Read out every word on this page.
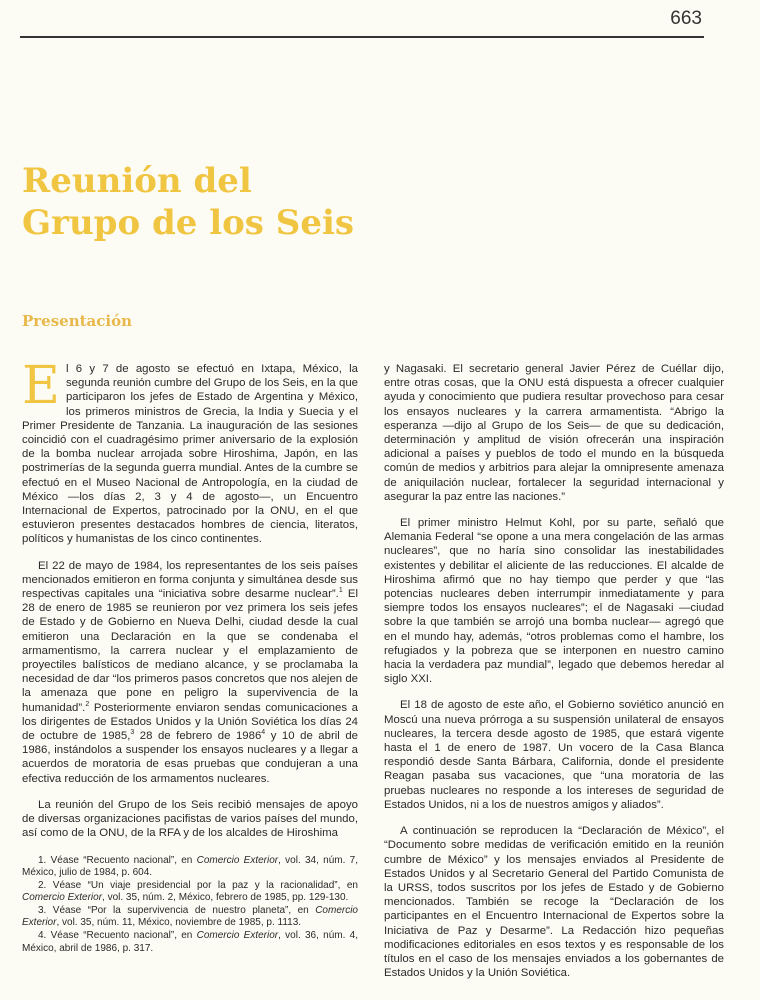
663
Reunión del
Grupo de los Seis
Presentación

El 6 y 7 de agosto se efectuó en Ixtapa, México, la segunda reunión cumbre del Grupo de los Seis, en la que participaron los jefes de Estado de Argentina y México, los primeros ministros de Grecia, la India y Suecia y el Primer Presidente de Tanzania. La inauguración de las sesiones coincidió con el cuadragésimo primer aniversario de la explosión de la bomba nuclear arrojada sobre Hiroshima, Japón, en las postrimerías de la segunda guerra mundial. Antes de la cumbre se efectuó en el Museo Nacional de Antropología, en la ciudad de México —los días 2, 3 y 4 de agosto—, un Encuentro Internacional de Expertos, patrocinado por la ONU, en el que estuvieron presentes destacados hombres de ciencia, literatos, políticos y humanistas de los cinco continentes.

El 22 de mayo de 1984, los representantes de los seis países mencionados emitieron en forma conjunta y simultánea desde sus respectivas capitales una “iniciativa sobre desarme nuclear”.$^1$ El 28 de enero de 1985 se reunieron por vez primera los seis jefes de Estado y de Gobierno en Nueva Delhi, ciudad desde la cual emitieron una Declaración en la que se condenaba el armamentismo, la carrera nuclear y el emplazamiento de proyectiles balísticos de mediano alcance, y se proclamaba la necesidad de dar “los primeros pasos concretos que nos alejen de la amenaza que pone en peligro la supervivencia de la humanidad”.$^2$ Posteriormente enviaron sendas comunicaciones a los dirigentes de Estados Unidos y la Unión Soviética los días 24 de octubre de 1985,$^3$ 28 de febrero de 1986$^4$ y 10 de abril de 1986, instándolos a suspender los ensayos nucleares y a llegar a acuerdos de moratoria de esas pruebas que condujeran a una efectiva reducción de los armamentos nucleares.

La reunión del Grupo de los Seis recibió mensajes de apoyo de diversas organizaciones pacifistas de varios países del mundo, así como de la ONU, de la RFA y de los alcaldes de Hiroshima

1. Véase “Recuento nacional”, en Comercio Exterior, vol. 34, núm. 7, México, julio de 1984, p. 604.

2. Véase “Un viaje presidencial por la paz y la racionalidad”, en Comercio Exterior, vol. 35, núm. 2, México, febrero de 1985, pp. 129-130.

3. Véase “Por la supervivencia de nuestro planeta”, en Comercio Exterior, vol. 35, núm. 11, México, noviembre de 1985, p. 1113.

4. Véase “Recuento nacional”, en Comercio Exterior, vol. 36, núm. 4, México, abril de 1986, p. 317.

y Nagasaki. El secretario general Javier Pérez de Cuéllar dijo, entre otras cosas, que la ONU está dispuesta a ofrecer cualquier ayuda y conocimiento que pudiera resultar provechoso para cesar los ensayos nucleares y la carrera armamentista. “Abrigo la esperanza —dijo al Grupo de los Seis— de que su dedicación, determinación y amplitud de visión ofrecerán una inspiración adicional a países y pueblos de todo el mundo en la búsqueda común de medios y arbitrios para alejar la omnipresente amenaza de aniquilación nuclear, fortalecer la seguridad internacional y asegurar la paz entre las naciones.”

El primer ministro Helmut Kohl, por su parte, señaló que Alemania Federal “se opone a una mera congelación de las armas nucleares”, que no haría sino consolidar las inestabilidades existentes y debilitar el aliciente de las reducciones. El alcalde de Hiroshima afirmó que no hay tiempo que perder y que “las potencias nucleares deben interrumpir inmediatamente y para siempre todos los ensayos nucleares”; el de Nagasaki —ciudad sobre la que también se arrojó una bomba nuclear— agregó que en el mundo hay, además, “otros problemas como el hambre, los refugiados y la pobreza que se interponen en nuestro camino hacia la verdadera paz mundial”, legado que debemos heredar al siglo XXI.

El 18 de agosto de este año, el Gobierno soviético anunció en Moscú una nueva prórroga a su suspensión unilateral de ensayos nucleares, la tercera desde agosto de 1985, que estará vigente hasta el 1 de enero de 1987. Un vocero de la Casa Blanca respondió desde Santa Bárbara, California, donde el presidente Reagan pasaba sus vacaciones, que “una moratoria de las pruebas nucleares no responde a los intereses de seguridad de Estados Unidos, ni a los de nuestros amigos y aliados”.

A continuación se reproducen la “Declaración de México”, el “Documento sobre medidas de verificación emitido en la reunión cumbre de México” y los mensajes enviados al Presidente de Estados Unidos y al Secretario General del Partido Comunista de la URSS, todos suscritos por los jefes de Estado y de Gobierno mencionados. También se recoge la “Declaración de los participantes en el Encuentro Internacional de Expertos sobre la Iniciativa de Paz y Desarme”. La Redacción hizo pequeñas modificaciones editoriales en esos textos y es responsable de los títulos en el caso de los mensajes enviados a los gobernantes de Estados Unidos y la Unión Soviética.
